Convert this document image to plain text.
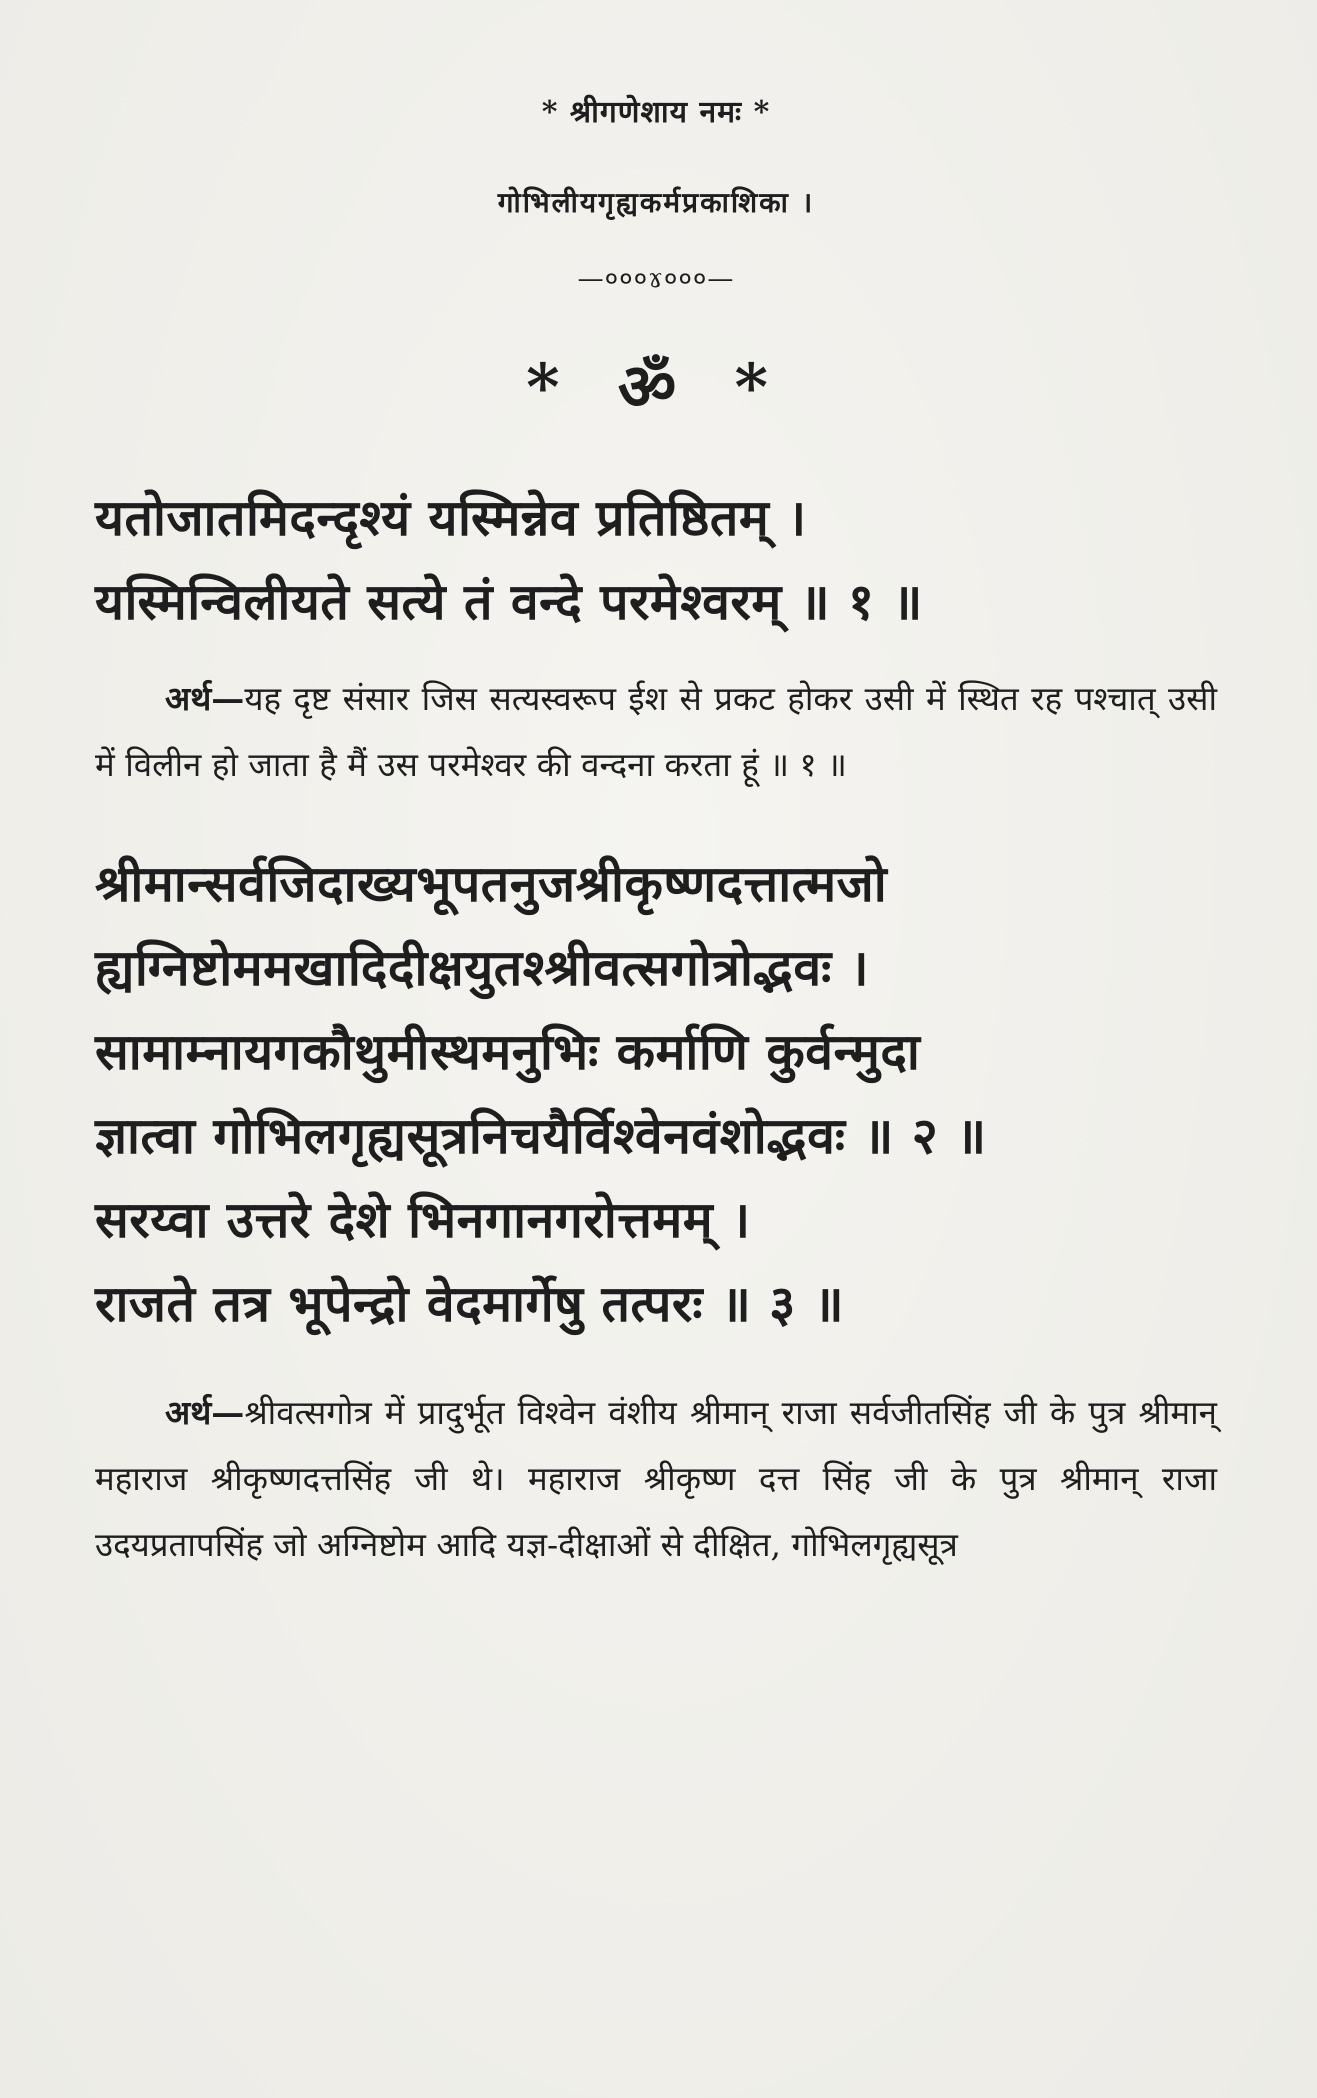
* श्रीगणेशाय नमः *
गोभिलीयगृह्यकर्मप्रकाशिका ।
—०००ɤ०००—
* ॐ *
यतोजातमिदन्दृश्यं यस्मिन्नेव प्रतिष्ठितम् ।
यस्मिन्विलीयते सत्ये तं वन्दे परमेश्वरम् ॥ १ ॥

अर्थ—यह दृष्ट संसार जिस सत्यस्वरूप ईश से प्रकट होकर उसी में स्थित रह पश्चात् उसी में विलीन हो जाता है मैं उस परमेश्वर की वन्दना करता हूं ॥ १ ॥

श्रीमान्सर्वजिदाख्यभूपतनुजश्रीकृष्णदत्तात्मजो
ह्यग्निष्टोममखादिदीक्षयुतश्श्रीवत्सगोत्रोद्भवः ।
सामाम्नायगकौथुमीस्थमनुभिः कर्माणि कुर्वन्मुदा
ज्ञात्वा गोभिलगृह्यसूत्रनिचयैर्विश्वेनवंशोद्भवः ॥ २ ॥
सरय्वा उत्तरे देशे भिनगानगरोत्तमम् ।
राजते तत्र भूपेन्द्रो वेदमार्गेषु तत्परः ॥ ३ ॥

अर्थ—श्रीवत्सगोत्र में प्रादुर्भूत विश्वेन वंशीय श्रीमान् राजा सर्वजीतसिंह जी के पुत्र श्रीमान् महाराज श्रीकृष्णदत्तसिंह जी थे। महाराज श्रीकृष्ण दत्त सिंह जी के पुत्र श्रीमान् राजा उदयप्रतापसिंह जो अग्निष्टोम आदि यज्ञ-दीक्षाओं से दीक्षित, गोभिलगृह्यसूत्र
